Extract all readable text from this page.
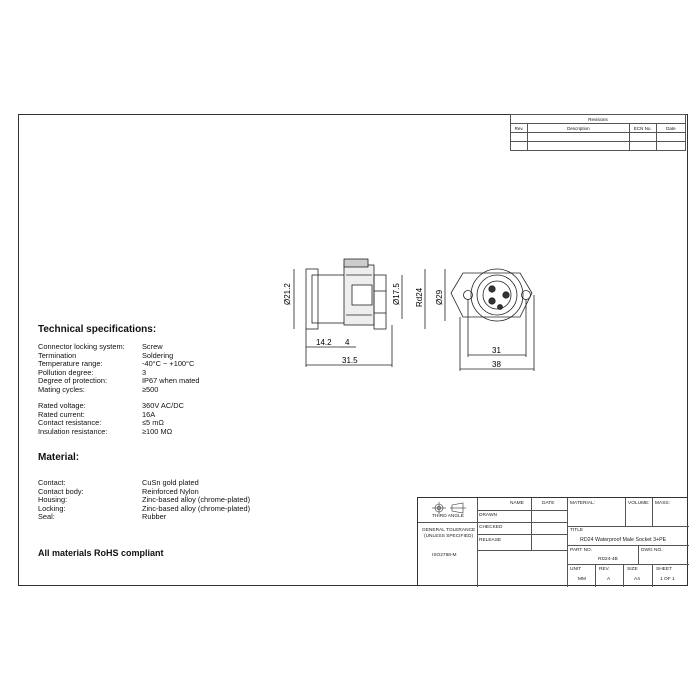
Revisions			
Rev.	Description	ECN No.	Date

Technical specifications:
Connector locking system:	Screw
Termination	Soldering
Temperature range:	-40°C ~ +100°C
Pollution degree:	3
Degree of protection:	IP67 when mated
Mating cycles:	≥500
Rated voltage:	360V AC/DC
Rated current:	16A
Contact resistance:	≤5 mΩ
Insulation resistance:	≥100 MΩ
Material:
Contact:	CuSn gold plated
Contact body:	Reinforced Nylon
Housing:	Zinc-based alloy (chrome-plated)
Locking:	Zinc-based alloy (chrome-plated)
Seal:	Rubber
All materials RoHS compliant
Ø21.2	Ø17.5 Rd24 Ø29
14.2 4
31.5
31
38
THIRD ANGLE
GENERAL TOLERANCE
(UNLESS SPECIFIED)
ISO2768-M
NAME	DATE
DRAWN
CHECKED
RELEASE
MATERIAL:	VOLUME: MASS:
TITLE
RD24 Waterproof Male Socket 3+PE
PART NO.
RD24-4B
DWG NO.
UNIT
MM
REV.
A
SIZE
A4
SHEET
1 OF 1
